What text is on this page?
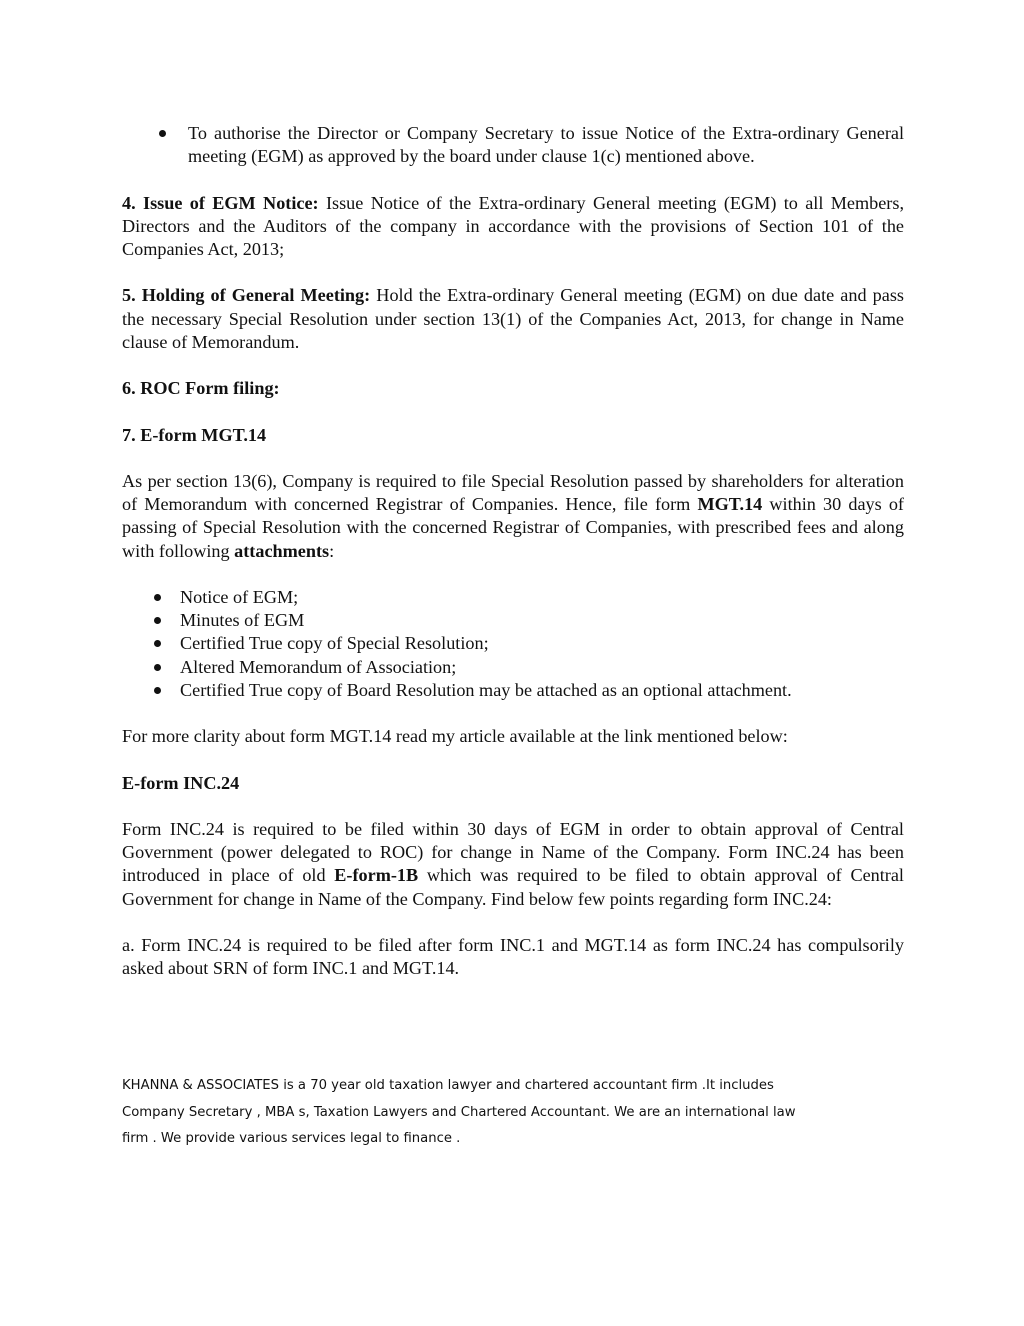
To authorise the Director or Company Secretary to issue Notice of the Extra-ordinary General meeting (EGM) as approved by the board under clause 1(c) mentioned above.

4. Issue of EGM Notice: Issue Notice of the Extra-ordinary General meeting (EGM) to all Members, Directors and the Auditors of the company in accordance with the provisions of Section 101 of the Companies Act, 2013;

5. Holding of General Meeting: Hold the Extra-ordinary General meeting (EGM) on due date and pass the necessary Special Resolution under section 13(1) of the Companies Act, 2013, for change in Name clause of Memorandum.

6. ROC Form filing:

7. E-form MGT.14

As per section 13(6), Company is required to file Special Resolution passed by shareholders for alteration of Memorandum with concerned Registrar of Companies. Hence, file form MGT.14 within 30 days of passing of Special Resolution with the concerned Registrar of Companies, with prescribed fees and along with following attachments:

Notice of EGM;
Minutes of EGM
Certified True copy of Special Resolution;
Altered Memorandum of Association;
Certified True copy of Board Resolution may be attached as an optional attachment.

For more clarity about form MGT.14 read my article available at the link mentioned below:

E-form INC.24

Form INC.24 is required to be filed within 30 days of EGM in order to obtain approval of Central Government (power delegated to ROC) for change in Name of the Company. Form INC.24 has been introduced in place of old E-form-1B which was required to be filed to obtain approval of Central Government for change in Name of the Company. Find below few points regarding form INC.24:

a. Form INC.24 is required to be filed after form INC.1 and MGT.14 as form INC.24 has compulsorily asked about SRN of form INC.1 and MGT.14.

KHANNA & ASSOCIATES is a 70 year old taxation lawyer and chartered accountant firm .It includes
Company Secretary , MBA s, Taxation Lawyers and Chartered Accountant. We are an international law
firm . We provide various services legal to finance .
